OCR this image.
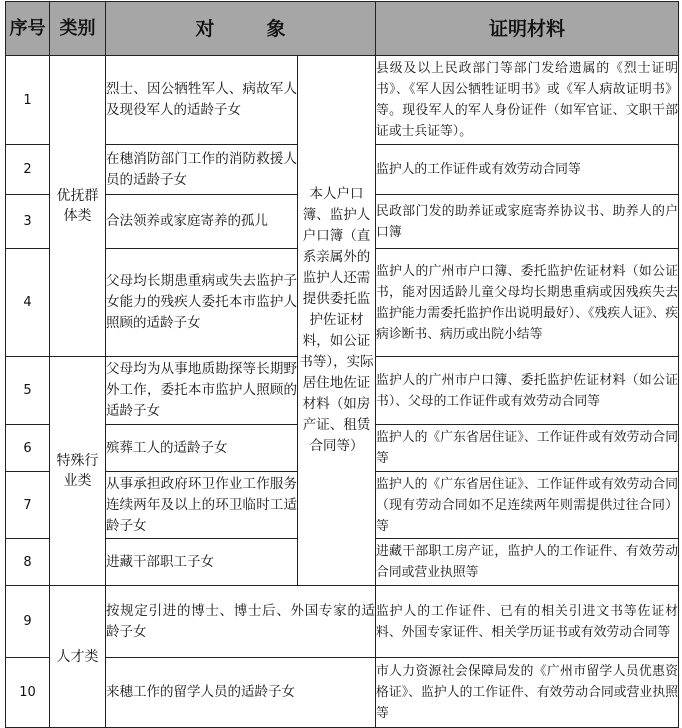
序号	类别	对象		证明材料
1	优抚群体类	烈士、因公牺牲军人、病故军人及现役军人的适龄子女	本人户口簿、监护人户口簿（直系亲属外的监护人还需提供委托监护佐证材料，如公证书等），实际居住地佐证材料（如房产证、租赁合同等）	县级及以上民政部门等部门发给遗属的《烈士证明书》、《军人因公牺牲证明书》或《军人病故证明书》等。现役军人的军人身份证件（如军官证、文职干部证或士兵证等）。
2		在穗消防部门工作的消防救援人员的适龄子女		监护人的工作证件或有效劳动合同等
3		合法领养或家庭寄养的孤儿		民政部门发的助养证或家庭寄养协议书、助养人的户口簿
4		父母均长期患重病或失去监护子女能力的残疾人委托本市监护人照顾的适龄子女		监护人的广州市户口簿、委托监护佐证材料（如公证书，能对因适龄儿童父母均长期患重病或因残疾失去监护能力需委托监护作出说明最好）、《残疾人证》、疾病诊断书、病历或出院小结等
5	特殊行业类	父母均为从事地质勘探等长期野外工作，委托本市监护人照顾的适龄子女		监护人的广州市户口簿、委托监护佐证材料（如公证书）、父母的工作证件或有效劳动合同等
6		殡葬工人的适龄子女		监护人的《广东省居住证》、工作证件或有效劳动合同等
7		从事承担政府环卫作业工作服务连续两年及以上的环卫临时工适龄子女		监护人的《广东省居住证》、工作证件或有效劳动合同（现有劳动合同如不足连续两年则需提供过往合同）等
8		进藏干部职工子女		进藏干部职工房产证，监护人的工作证件、有效劳动合同或营业执照等
9	人才类	按规定引进的博士、博士后、外国专家的适龄子女		监护人的工作证件、已有的相关引进文书等佐证材料、外国专家证件、相关学历证书或有效劳动合同等
10		来穗工作的留学人员的适龄子女		市人力资源社会保障局发的《广州市留学人员优惠资格证》、监护人的工作证件、有效劳动合同或营业执照等
